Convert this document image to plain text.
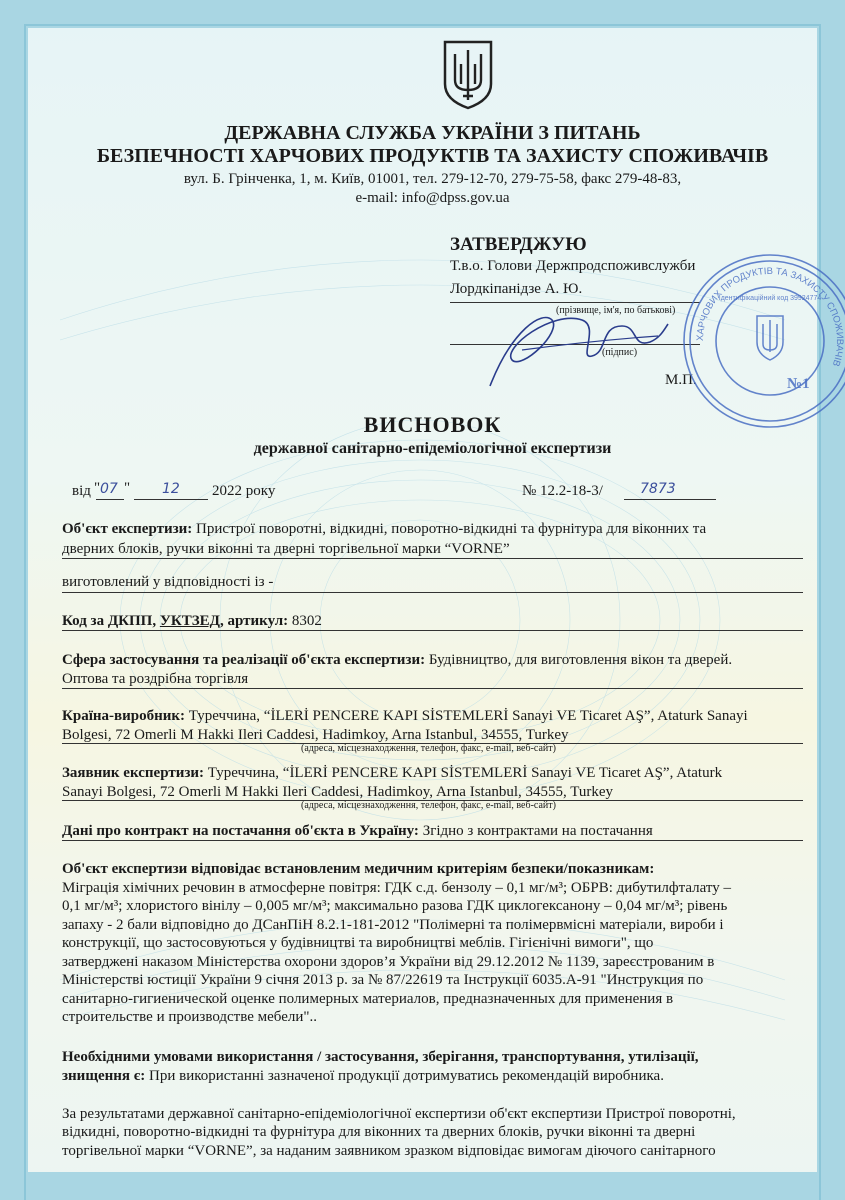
ДЕРЖАВНА СЛУЖБА УКРАЇНИ З ПИТАНЬ
БЕЗПЕЧНОСТІ ХАРЧОВИХ ПРОДУКТІВ ТА ЗАХИСТУ СПОЖИВАЧІВ
вул. Б. Грінченка, 1, м. Київ, 01001, тел. 279-12-70, 279-75-58, факс 279-48-83,
e-mail: info@dpss.gov.ua
ЗАТВЕРДЖУЮ
Т.в.о. Голови Держпродспоживслужби
Лордкіпанідзе А. Ю.
(прізвище, ім'я, по батькові)
(підпис)
М.П.
ХАРЧОВИХ ПРОДУКТІВ ТА ЗАХИСТУ СПОЖИВАЧІВ
Ідентифікаційний код 39924774
№1
ВИСНОВОК
державної санітарно-епідеміологічної експертизи
від " 07 " 12 2022 року	№ 12.2-18-3/	7873
Об'єкт експертизи: Пристрої поворотні, відкидні, поворотно-відкидні та фурнітура для віконних та
дверних блоків, ручки віконні та дверні торгівельної марки “VORNE”
виготовлений у відповідності із -
Код за ДКПП, УКТЗЕД, артикул: 8302
Сфера застосування та реалізації об'єкта експертизи: Будівництво, для виготовлення вікон та дверей.
Оптова та роздрібна торгівля
Країна-виробник: Туреччина, “İLERİ PENCERE KAPI SİSTEMLERİ Sanayi VE Ticaret AŞ”, Ataturk Sanayi
Bolgesi, 72 Omerli M Hakki Ileri Caddesi, Hadimkoy, Arna Istanbul, 34555, Turkey
(адреса, місцезнаходження, телефон, факс, e-mail, веб-сайт)
Заявник експертизи: Туреччина, “İLERİ PENCERE KAPI SİSTEMLERİ Sanayi VE Ticaret AŞ”, Ataturk
Sanayi Bolgesi, 72 Omerli M Hakki Ileri Caddesi, Hadimkoy, Arna Istanbul, 34555, Turkey
(адреса, місцезнаходження, телефон, факс, e-mail, веб-сайт)
Дані про контракт на постачання об'єкта в Україну: Згідно з контрактами на постачання
Об'єкт експертизи відповідає встановленим медичним критеріям безпеки/показникам:
Міграція хімічних речовин в атмосферне повітря: ГДК с.д. бензолу – 0,1 мг/м³; ОБРВ: дибутилфталату –
0,1 мг/м³; хлористого вінілу – 0,005 мг/м³; максимально разова ГДК циклогексанону – 0,04 мг/м³; рівень
запаху - 2 бали відповідно до ДСанПіН 8.2.1-181-2012 "Полімерні та полімервмісні матеріали, вироби і
конструкції, що застосовуються у будівництві та виробництві меблів. Гігієнічні вимоги", що
затверджені наказом Міністерства охорони здоров’я України від 29.12.2012 № 1139, зареєстрованим в
Міністерстві юстиції України 9 січня 2013 р. за № 87/22619 та Інструкції 6035.А-91 "Инструкция по
санитарно-гигиенической оценке полимерных материалов, предназначенных для применения в
строительстве и производстве мебели"..
Необхідними умовами використання / застосування, зберігання, транспортування, утилізації,
знищення є: При використанні зазначеної продукції дотримуватись рекомендацій виробника.
За результатами державної санітарно-епідеміологічної експертизи об'єкт експертизи Пристрої поворотні,
відкидні, поворотно-відкидні та фурнітура для віконних та дверних блоків, ручки віконні та дверні
торгівельної марки “VORNE”, за наданим заявником зразком відповідає вимогам діючого санітарного
